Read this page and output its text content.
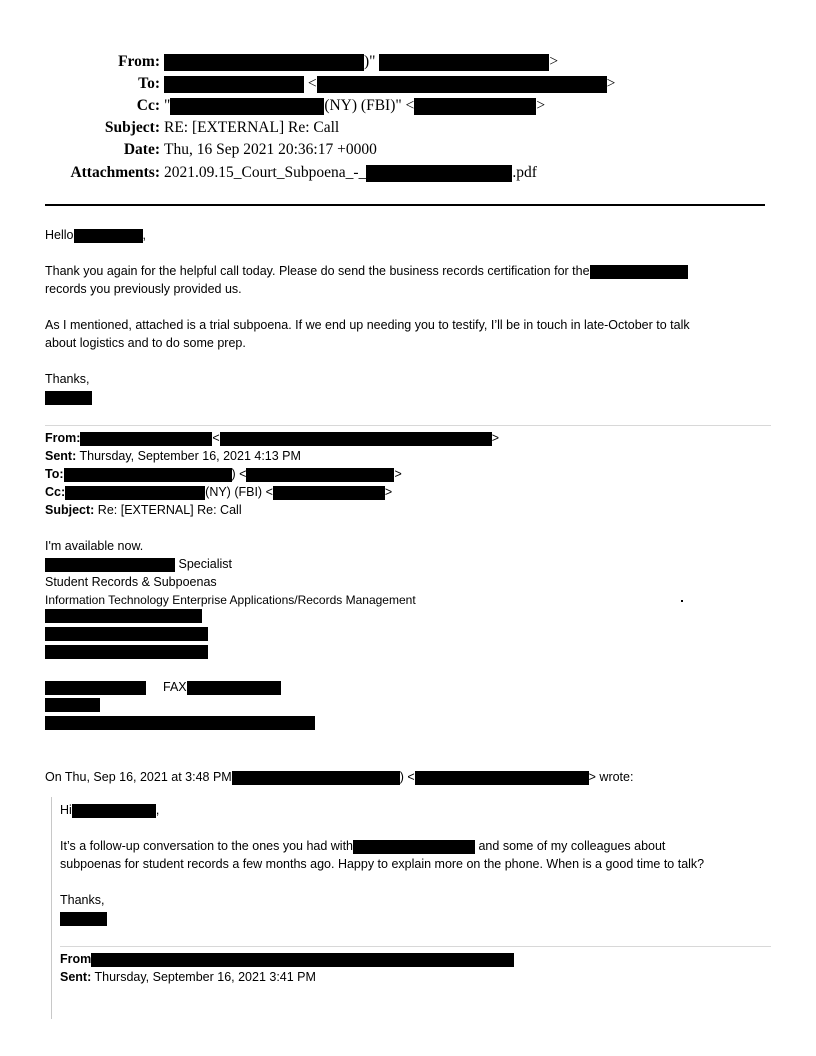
From:	)"	>
To:	<	>
Cc: "	(NY) (FBI)" <	>
Subject: RE: [EXTERNAL] Re: Call
Date: Thu, 16 Sep 2021 20:36:17 +0000
Attachments: 2021.09.15_Court_Subpoena_-_	.pdf
Hello	,
Thank you again for the helpful call today. Please do send the business records certification for the
records you previously provided us.
As I mentioned, attached is a trial subpoena. If we end up needing you to testify, I’ll be in touch in late-October to talk
about logistics and to do some prep.
Thanks,
From:	<	>
Sent: Thursday, September 16, 2021 4:13 PM
To:	) <	>
Cc:	(NY) (FBI) <	>
Subject: Re: [EXTERNAL] Re: Call
I'm available now.
Specialist
Student Records & Subpoenas
Information Technology Enterprise Applications/Records Management
FAX
On Thu, Sep 16, 2021 at 3:48 PM	) <	> wrote:
Hi	,
It’s a follow-up conversation to the ones you had with	and some of my colleagues about
subpoenas for student records a few months ago. Happy to explain more on the phone. When is a good time to talk?
Thanks,
From
Sent: Thursday, September 16, 2021 3:41 PM
